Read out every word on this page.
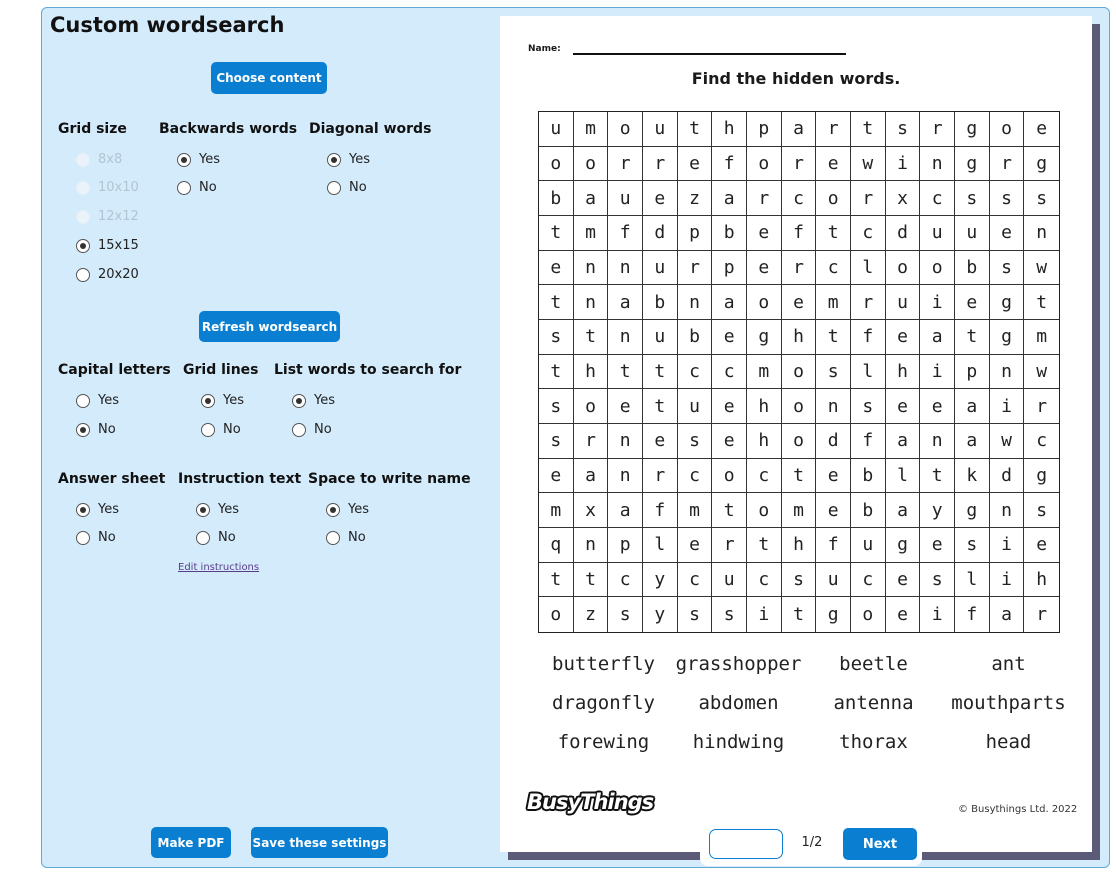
Custom wordsearch
Choose content
Grid size
8x8
10x10
12x12
15x15
20x20
Backwards words
Yes
No
Diagonal words
Yes
No
Refresh wordsearch
Capital letters
Yes
No
Grid lines
Yes
No
List words to search for
Yes
No
Answer sheet
Yes
No
Instruction text
Yes
No
Space to write name
Yes
No
Edit instructions
Make PDF	Save these settings
Name:
Find the hidden words.
u	m	o	u	t	h	p	a	r	t	s	r	g	o	e
o	o	r	r	e	f	o	r	e	w	i	n	g	r	g
b	a	u	e	z	a	r	c	o	r	x	c	s	s	s
t	m	f	d	p	b	e	f	t	c	d	u	u	e	n
e	n	n	u	r	p	e	r	c	l	o	o	b	s	w
t	n	a	b	n	a	o	e	m	r	u	i	e	g	t
s	t	n	u	b	e	g	h	t	f	e	a	t	g	m
t	h	t	t	c	c	m	o	s	l	h	i	p	n	w
s	o	e	t	u	e	h	o	n	s	e	e	a	i	r
s	r	n	e	s	e	h	o	d	f	a	n	a	w	c
e	a	n	r	c	o	c	t	e	b	l	t	k	d	g
m	x	a	f	m	t	o	m	e	b	a	y	g	n	s
q	n	p	l	e	r	t	h	f	u	g	e	s	i	e
t	t	c	y	c	u	c	s	u	c	e	s	l	i	h
o	z	s	y	s	s	i	t	g	o	e	i	f	a	r
butterfly	grasshopper	beetle	ant
dragonfly	abdomen	antenna	mouthparts
forewing	hindwing	thorax	head
BusyThings	© Busythings Ltd. 2022
1/2	Next
